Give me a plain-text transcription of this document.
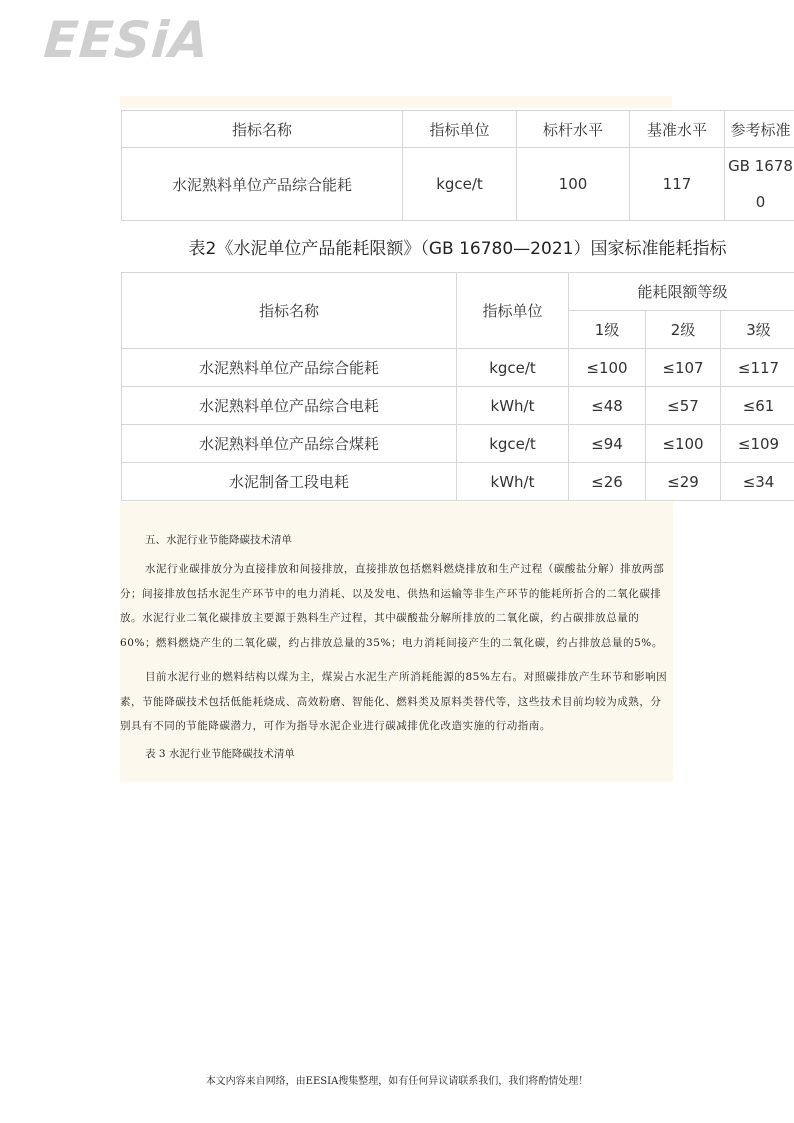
EESiA
指标名称	指标单位	标杆水平	基准水平	参考标准
水泥熟料单位产品综合能耗	kgce/t	100	117	GB 16780
表2《水泥单位产品能耗限额》（GB 16780—2021）国家标准能耗指标
指标名称	指标单位	能耗限额等级		
		1级	2级	3级
水泥熟料单位产品综合能耗	kgce/t	≤100	≤107	≤117
水泥熟料单位产品综合电耗	kWh/t	≤48	≤57	≤61
水泥熟料单位产品综合煤耗	kgce/t	≤94	≤100	≤109
水泥制备工段电耗	kWh/t	≤26	≤29	≤34
五、水泥行业节能降碳技术清单

水泥行业碳排放分为直接排放和间接排放，直接排放包括燃料燃烧排放和生产过程（碳酸盐分解）排放两部分；间接排放包括水泥生产环节中的电力消耗、以及发电、供热和运输等非生产环节的能耗所折合的二氧化碳排放。水泥行业二氧化碳排放主要源于熟料生产过程，其中碳酸盐分解所排放的二氧化碳，约占碳排放总量的60%；燃料燃烧产生的二氧化碳，约占排放总量的35%；电力消耗间接产生的二氧化碳，约占排放总量的5%。

目前水泥行业的燃料结构以煤为主，煤炭占水泥生产所消耗能源的85%左右。对照碳排放产生环节和影响因素，节能降碳技术包括低能耗烧成、高效粉磨、智能化、燃料类及原料类替代等，这些技术目前均较为成熟，分别具有不同的节能降碳潜力，可作为指导水泥企业进行碳减排优化改造实施的行动指南。

表 3 水泥行业节能降碳技术清单
本文内容来自网络，由EESIA搜集整理，如有任何异议请联系我们，我们将酌情处理！
